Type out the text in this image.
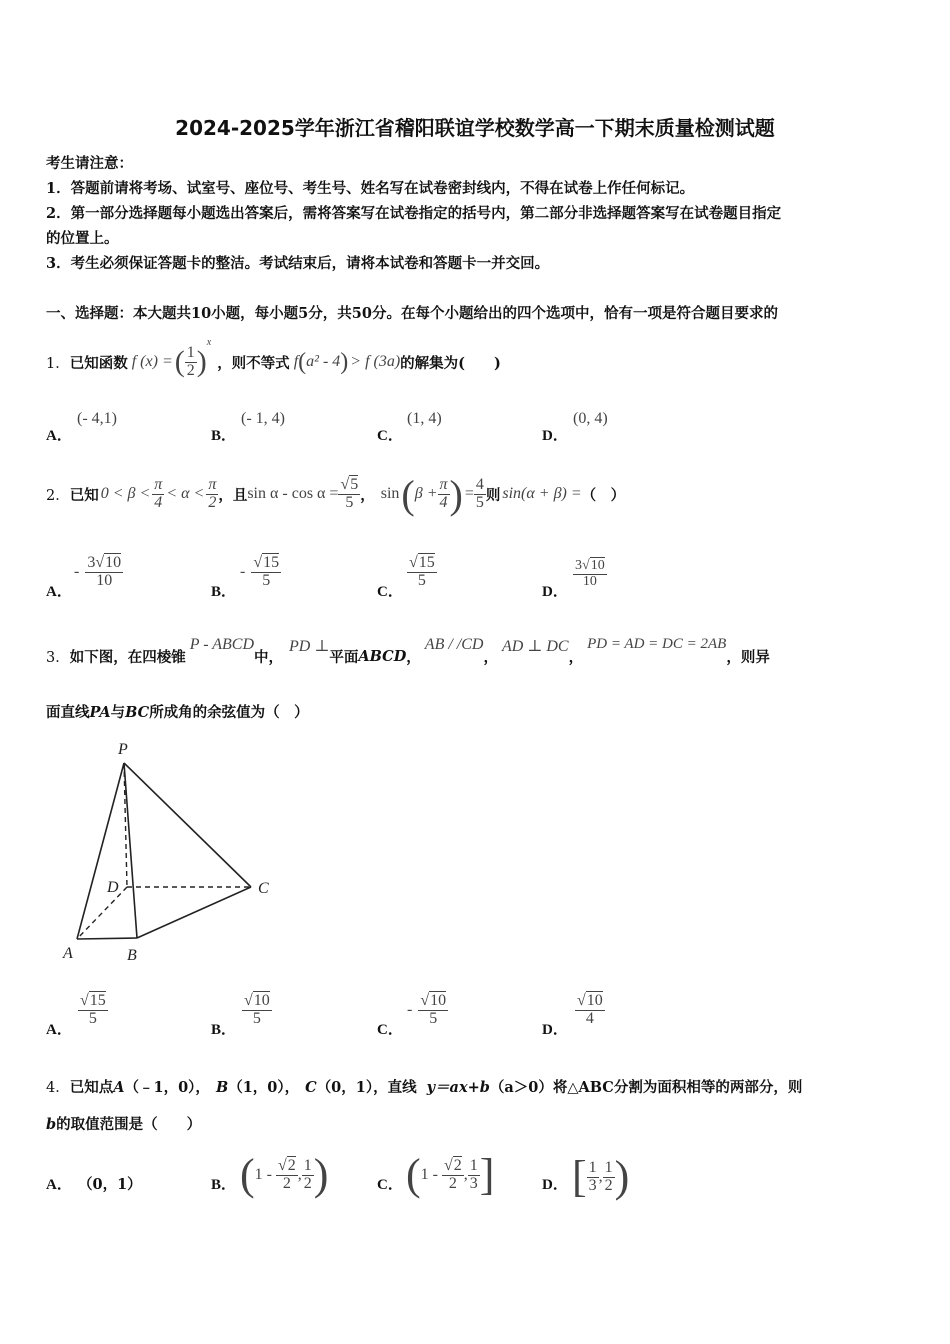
2024-2025学年浙江省稽阳联谊学校数学高一下期末质量检测试题
考生请注意：
1．答题前请将考场、试室号、座位号、考生号、姓名写在试卷密封线内，不得在试卷上作任何标记。
2．第一部分选择题每小题选出答案后，需将答案写在试卷指定的括号内，第二部分非选择题答案写在试卷题目指定
的位置上。
3．考生必须保证答题卡的整洁。考试结束后，请将本试卷和答题卡一并交回。
一、选择题：本大题共10小题，每小题5分，共50分。在每个小题给出的四个选项中，恰有一项是符合题目要求的
1． 已知函数 f (x) = ( $\frac{1}{2}$ )
x
，则不等式 f ( a² - 4 ) > f (3a) 的解集为(　　)
A．
(- 4,1)
B．
(- 1, 4)
C．
(1, 4)
D．
(0, 4)
2． 已知 $0 < \beta < \frac{\pi}{4} < \alpha < \frac{\pi}{2}$ ，且 $\sin \alpha - \cos \alpha = \frac{√5}{5}$ ， sin ( $\beta + \frac{\pi}{4}$ ) = $\frac{4}{5}$ 则 sin(α + β) = （　）
A．
- $\frac{3√10}{10}$
B．
- $\frac{√15}{5}$
C．
$\frac{√15}{5}$
D．
$\frac{3√10}{10}$
3． 如下图，在四棱锥
P - ABCD
中，
PD ⊥
平面 ABCD ，
AB / /CD
，
AD ⊥ DC
，
PD = AD = DC = 2AB
，则异
面直线PA与BC所成角的余弦值为（　）
P
D	C
A	B
A．
$\frac{√15}{5}$
B．
$\frac{√10}{5}$
C．
- $\frac{√10}{5}$
D．
$\frac{√10}{4}$
4．已知点A（﹣1，0）， B（1，0）， C（0，1），直线 y＝ax+b（a＞0）将△ABC分割为面积相等的两部分，则
b的取值范围是（　　）
A． （0，1）	B． ( $1 - \frac{√2}{2}$ , $\frac{1}{2}$ )	C． ( $1 - \frac{√2}{2}$ , $\frac{1}{3}$ ]	D． [ $\frac{1}{3}$ , $\frac{1}{2}$ )
